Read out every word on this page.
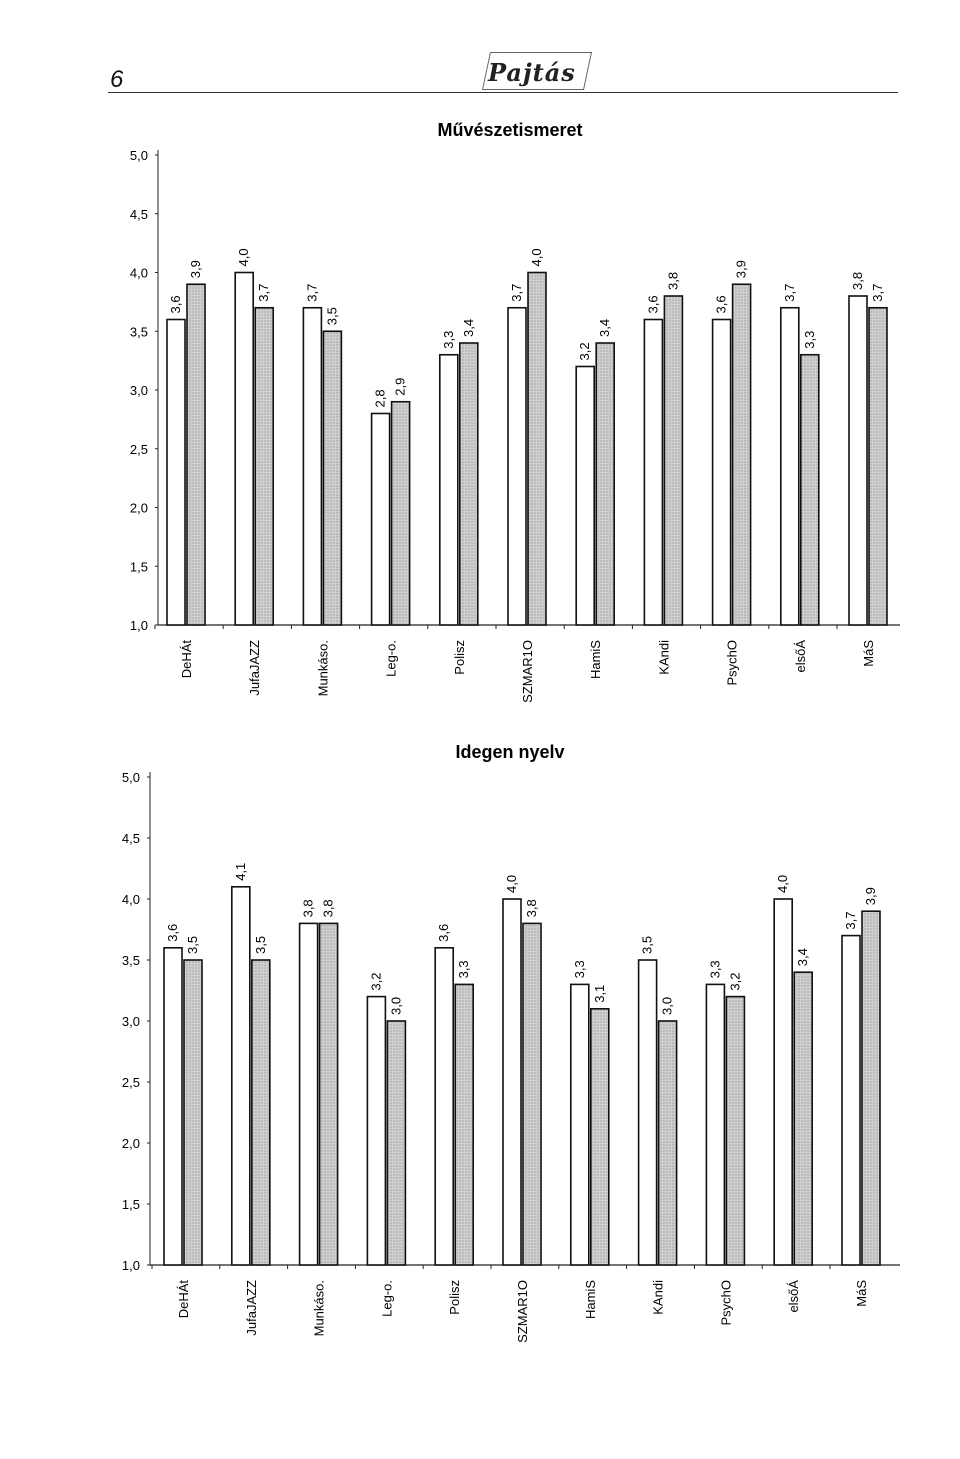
6	Pajtás
Művészetismeret
5,0
4,5
4,0
3,5
3,0
2,5
2,0
1,5
1,0
3,6
3,9
DeHÁt
4,0
3,7
JufaJAZZ
3,7
3,5
Munkáso.
2,8
2,9
Leg-o.
3,3
3,4
Polisz
3,7
4,0
SZMAR1O
3,2
3,4
HamiS
3,6
3,8
KAndi
3,6
3,9
PsychO
3,7
3,3
elsőÁ
3,8
3,7
MáS
Idegen nyelv
5,0
4,5
4,0
3,5
3,0
2,5
2,0
1,5
1,0
3,6
3,5
DeHÁt
4,1
3,5
JufaJAZZ
3,8 3,8
Munkáso.
3,2
3,0
Leg-o.
3,6
3,3
Polisz
4,0
3,8
SZMAR1O
3,3
3,1
HamiS
3,5
3,0
KAndi
3,3
3,2
PsychO
4,0
3,4
elsőÁ
3,7
3,9
MáS
